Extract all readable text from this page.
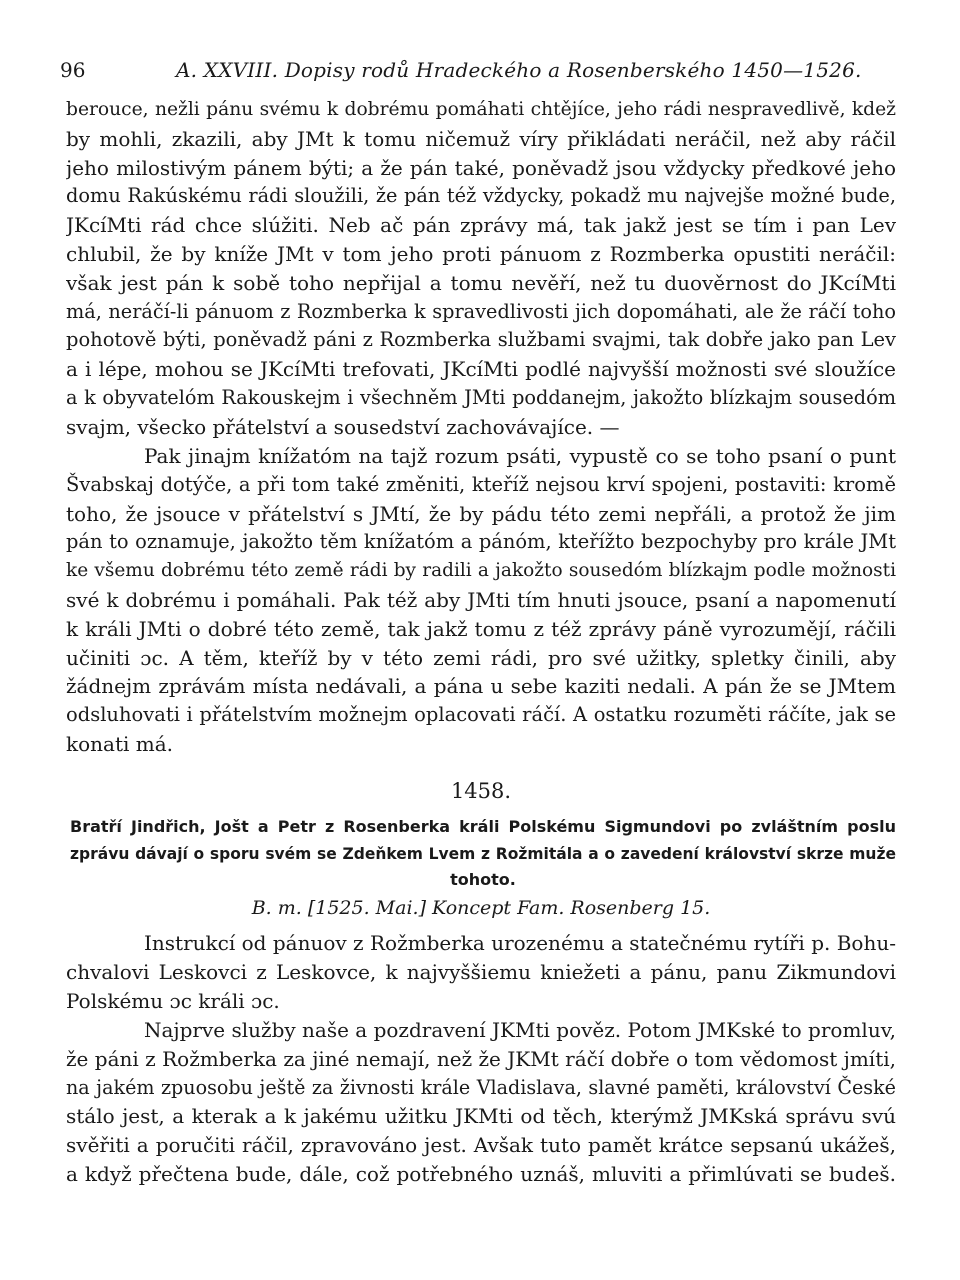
96	A. XXVIII. Dopisy rodů Hradeckého a Rosenberského 1450—1526.
berouce, nežli pánu svému k dobrému pomáhati chtějíce, jeho rádi nespravedlivě, kdež
by mohli, zkazili, aby JMt k tomu ničemuž víry přikládati neráčil, než aby ráčil
jeho milostivým pánem býti; a že pán také, poněvadž jsou vždycky předkové jeho
domu Rakúskému rádi sloužili, že pán též vždycky, pokadž mu najvejše možné bude,
JKcíMti rád chce slúžiti. Neb ač pán zprávy má, tak jakž jest se tím i pan Lev
chlubil, že by kníže JMt v tom jeho proti pánuom z Rozmberka opustiti neráčil:
však jest pán k sobě toho nepřijal a tomu nevěří, než tu duověrnost do JKcíMti
má, neráčí-li pánuom z Rozmberka k spravedlivosti jich dopomáhati, ale že ráčí toho
pohotově býti, poněvadž páni z Rozmberka službami svajmi, tak dobře jako pan Lev
a i lépe, mohou se JKcíMti trefovati, JKcíMti podlé najvyšší možnosti své sloužíce
a k obyvatelóm Rakouskejm i všechněm JMti poddanejm, jakožto blízkajm sousedóm
svajm, všecko přátelství a sousedství zachovávajíce. —
Pak jinajm knížatóm na tajž rozum psáti, vypustě co se toho psaní o punt
Švabskaj dotýče, a při tom také změniti, kteříž nejsou krví spojeni, postaviti: kromě
toho, že jsouce v přátelství s JMtí, že by pádu této zemi nepřáli, a protož že jim
pán to oznamuje, jakožto těm knížatóm a pánóm, kteřížto bezpochyby pro krále JMt
ke všemu dobrému této země rádi by radili a jakožto sousedóm blízkajm podle možnosti
své k dobrému i pomáhali. Pak též aby JMti tím hnuti jsouce, psaní a napomenutí
k králi JMti o dobré této země, tak jakž tomu z též zprávy páně vyrozumějí, ráčili
učiniti ɔc. A těm, kteříž by v této zemi rádi, pro své užitky, spletky činili, aby
žádnejm zprávám místa nedávali, a pána u sebe kaziti nedali. A pán že se JMtem
odsluhovati i přátelstvím možnejm oplacovati ráčí. A ostatku rozuměti ráčíte, jak se
konati má.
1458.
Bratří Jindřich, Jošt a Petr z Rosenberka králi Polskému Sigmundovi po zvláštním poslu
zprávu dávají o sporu svém se Zdeňkem Lvem z Rožmitála a o zavedení království skrze muže
tohoto.
B. m. [1525. Mai.] Koncept Fam. Rosenberg 15.
Instrukcí od pánuov z Rožmberka urozenému a statečnému rytíři p. Bohu-
chvalovi Leskovci z Leskovce, k najvyššiemu kniežeti a pánu, panu Zikmundovi
Polskému ɔc králi ɔc.
Najprve služby naše a pozdravení JKMti pověz. Potom JMKské to promluv,
že páni z Rožmberka za jiné nemají, než že JKMt ráčí dobře o tom vědomost jmíti,
na jakém zpuosobu ještě za živnosti krále Vladislava, slavné paměti, království České
stálo jest, a kterak a k jakému užitku JKMti od těch, kterýmž JMKská správu svú
svěřiti a poručiti ráčil, zpravováno jest. Avšak tuto pamět krátce sepsanú ukážeš,
a když přečtena bude, dále, což potřebného uznáš, mluviti a přimlúvati se budeš.
